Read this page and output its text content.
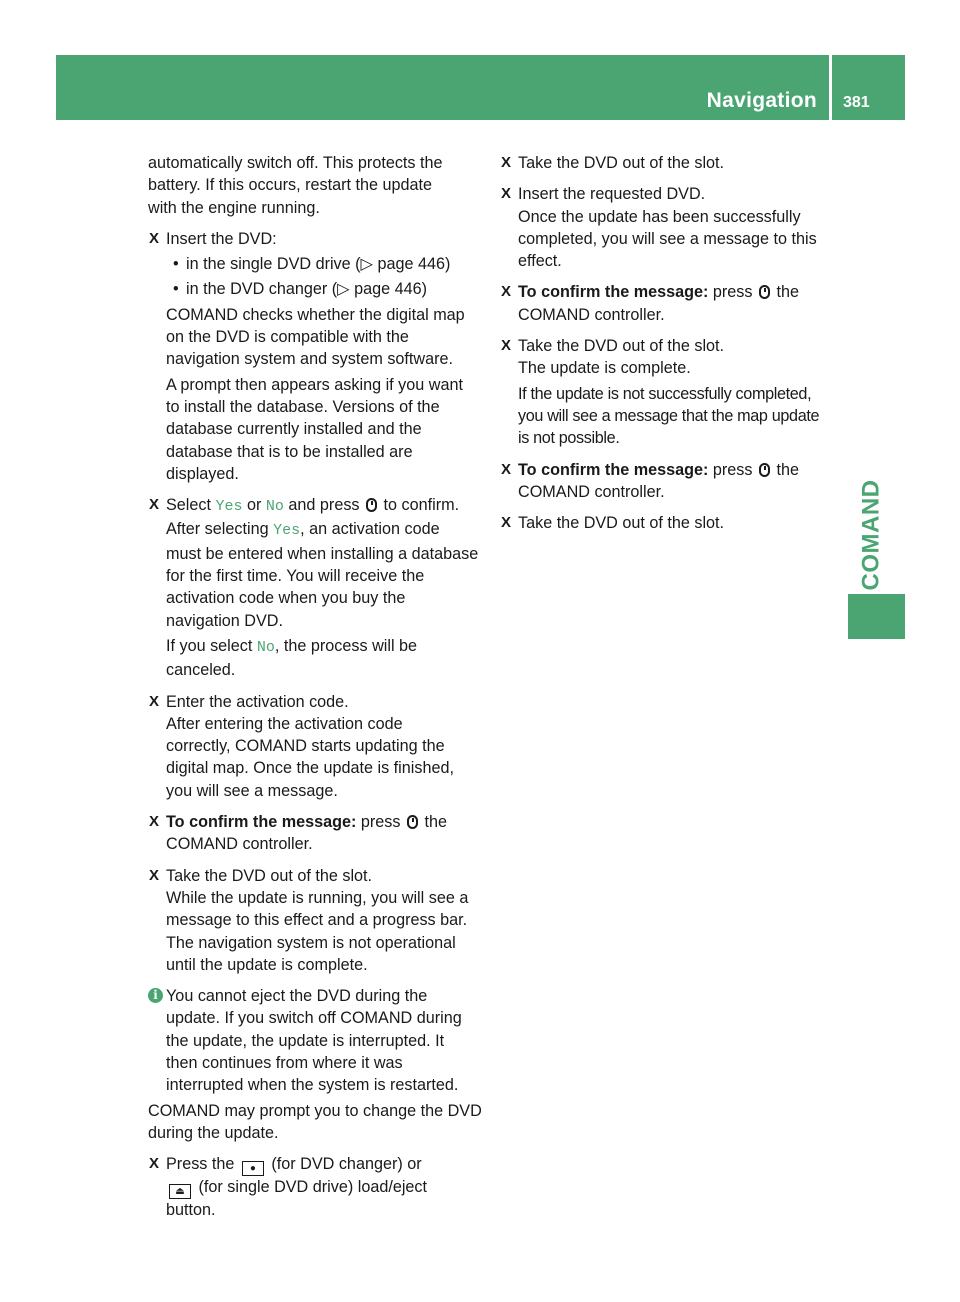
Navigation 381
COMAND
automatically switch off. This protects the
battery. If this occurs, restart the update
with the engine running.
X Insert the DVD:
• in the single DVD drive (▷ page 446)
• in the DVD changer (▷ page 446)
COMAND checks whether the digital map
on the DVD is compatible with the
navigation system and system software.
A prompt then appears asking if you want
to install the database. Versions of the
database currently installed and the
database that is to be installed are
displayed.
X Select Yes or No and press  to confirm.
After selecting Yes, an activation code
must be entered when installing a database
for the first time. You will receive the
activation code when you buy the
navigation DVD.
If you select No, the process will be
canceled.
X Enter the activation code.
After entering the activation code
correctly, COMAND starts updating the
digital map. Once the update is finished,
you will see a message.
X To confirm the message: press  the
COMAND controller.
X Take the DVD out of the slot.
While the update is running, you will see a
message to this effect and a progress bar.
The navigation system is not operational
until the update is complete.
i You cannot eject the DVD during the
update. If you switch off COMAND during
the update, the update is interrupted. It
then continues from where it was
interrupted when the system is restarted.
COMAND may prompt you to change the DVD
during the update.
X Press the ● (for DVD changer) or
⏏ (for single DVD drive) load/eject
button.
X Take the DVD out of the slot.
X Insert the requested DVD.
Once the update has been successfully
completed, you will see a message to this
effect.
X To confirm the message: press  the
COMAND controller.
X Take the DVD out of the slot.
The update is complete.
If the update is not successfully completed,
you will see a message that the map update
is not possible.
X To confirm the message: press  the
COMAND controller.
X Take the DVD out of the slot.
